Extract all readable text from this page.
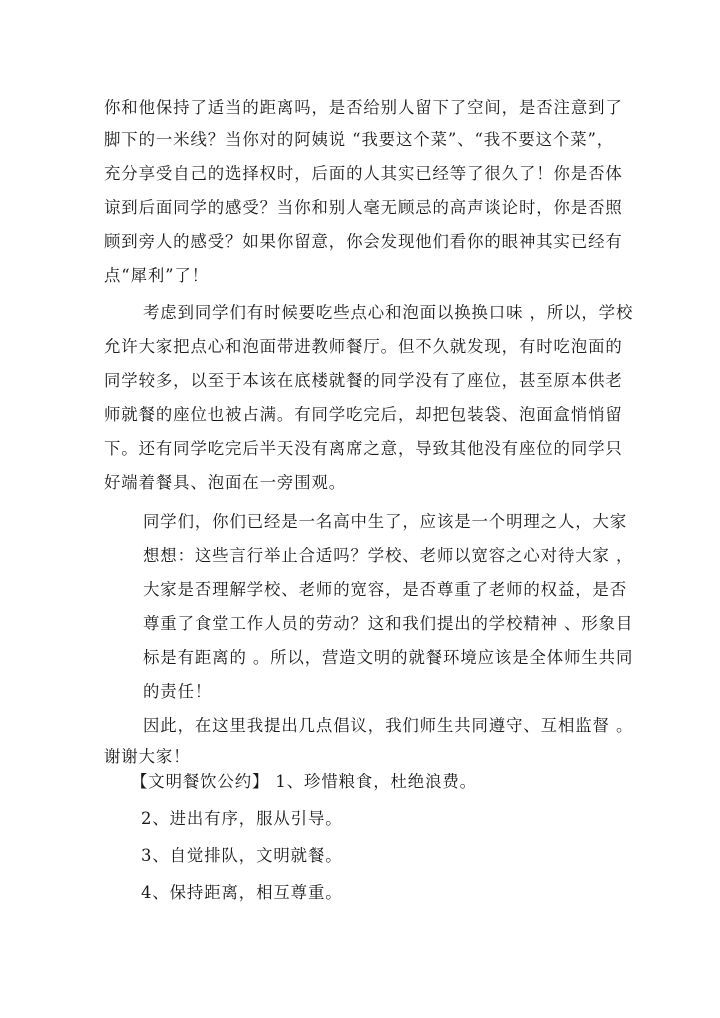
你和他保持了适当的距离吗，是否给别人留下了空间，是否注意到了
脚下的一米线？当你对的阿姨说 “我要这个菜”、“我不要这个菜”，
充分享受自己的选择权时，后面的人其实已经等了很久了！你是否体
谅到后面同学的感受？当你和别人毫无顾忌的高声谈论时，你是否照
顾到旁人的感受？如果你留意，你会发现他们看你的眼神其实已经有
点“犀利”了！
考虑到同学们有时候要吃些点心和泡面以换换口味 ，所以，学校
允许大家把点心和泡面带进教师餐厅。但不久就发现，有时吃泡面的
同学较多，以至于本该在底楼就餐的同学没有了座位，甚至原本供老
师就餐的座位也被占满。有同学吃完后，却把包装袋、泡面盒悄悄留
下。还有同学吃完后半天没有离席之意，导致其他没有座位的同学只
好端着餐具、泡面在一旁围观。
同学们，你们已经是一名高中生了，应该是一个明理之人，大家
想想：这些言行举止合适吗？学校、老师以宽容之心对待大家 ，
大家是否理解学校、老师的宽容，是否尊重了老师的权益，是否
尊重了食堂工作人员的劳动？这和我们提出的学校精神 、形象目
标是有距离的 。所以，营造文明的就餐环境应该是全体师生共同
的责任！
因此，在这里我提出几点倡议，我们师生共同遵守、互相监督 。
谢谢大家！
【文明餐饮公约】 1、珍惜粮食，杜绝浪费。
2、进出有序，服从引导。
3、自觉排队，文明就餐。
4、保持距离，相互尊重。
